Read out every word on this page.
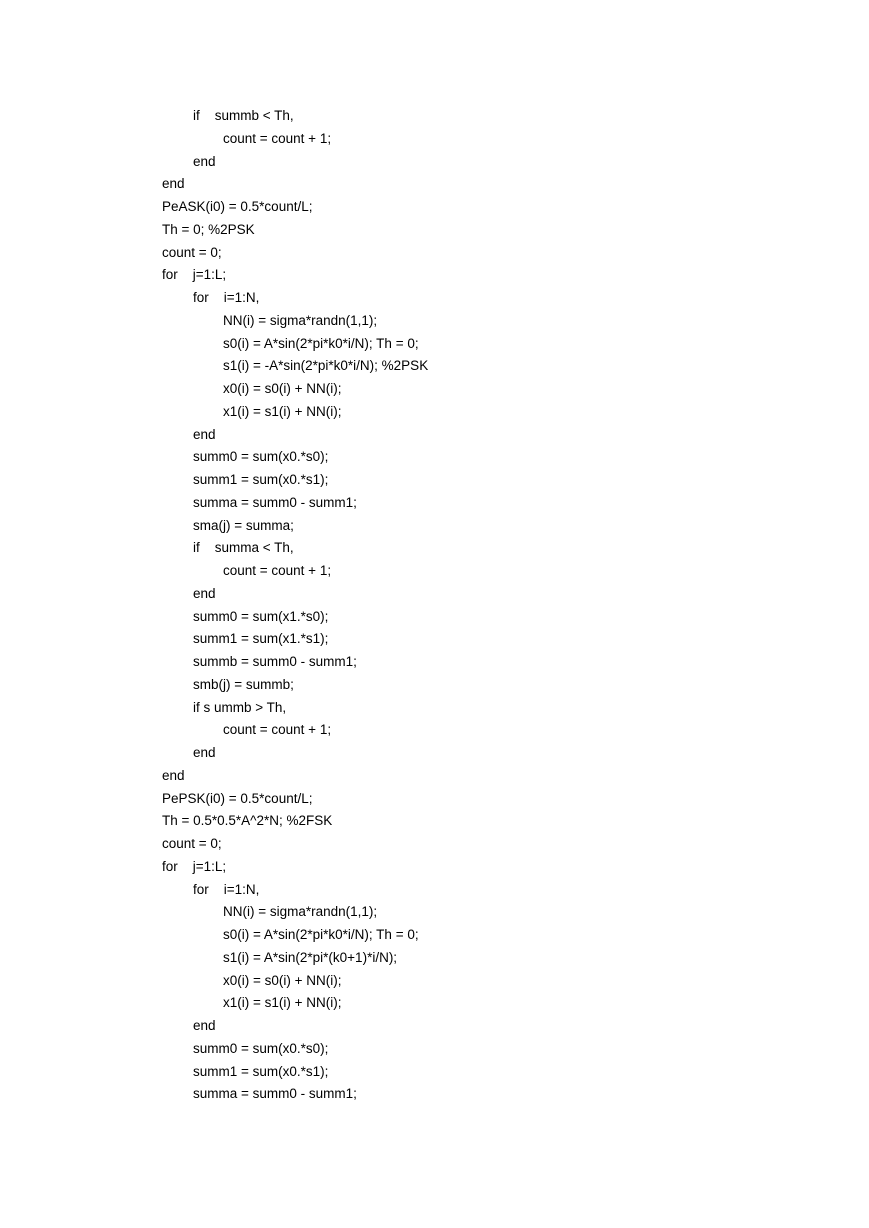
if    summb < Th,
count = count + 1;
end
end
PeASK(i0) = 0.5*count/L;
Th = 0; %2PSK
count = 0;
for    j=1:L;
for    i=1:N,
NN(i) = sigma*randn(1,1);
s0(i) = A*sin(2*pi*k0*i/N); Th = 0;
s1(i) = -A*sin(2*pi*k0*i/N); %2PSK
x0(i) = s0(i) + NN(i);
x1(i) = s1(i) + NN(i);
end
summ0 = sum(x0.*s0);
summ1 = sum(x0.*s1);
summa = summ0 - summ1;
sma(j) = summa;
if    summa < Th,
count = count + 1;
end
summ0 = sum(x1.*s0);
summ1 = sum(x1.*s1);
summb = summ0 - summ1;
smb(j) = summb;
if s ummb > Th,
count = count + 1;
end
end
PePSK(i0) = 0.5*count/L;
Th = 0.5*0.5*A^2*N; %2FSK
count = 0;
for    j=1:L;
for    i=1:N,
NN(i) = sigma*randn(1,1);
s0(i) = A*sin(2*pi*k0*i/N); Th = 0;
s1(i) = A*sin(2*pi*(k0+1)*i/N);
x0(i) = s0(i) + NN(i);
x1(i) = s1(i) + NN(i);
end
summ0 = sum(x0.*s0);
summ1 = sum(x0.*s1);
summa = summ0 - summ1;
